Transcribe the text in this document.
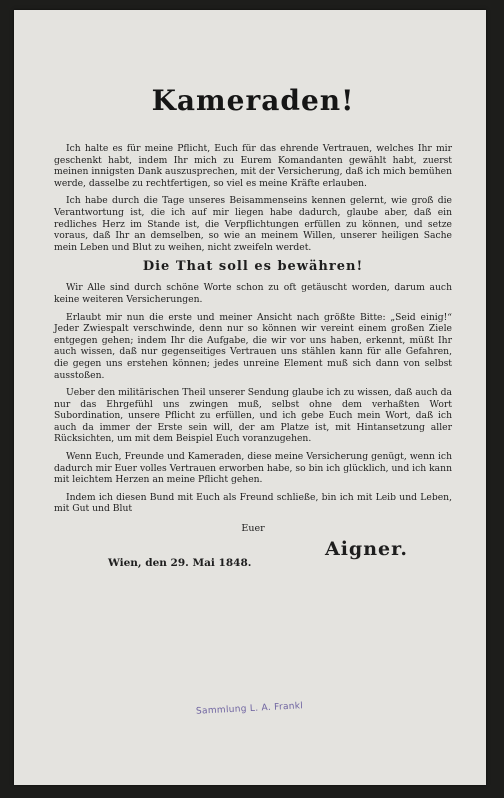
Kameraden!

Ich halte es für meine Pflicht, Euch für das ehrende Vertrauen, welches Ihr mir geschenkt habt, indem Ihr mich zu Eurem Komandanten gewählt habt, zuerst meinen innigsten Dank auszusprechen, mit der Versicherung, daß ich mich bemühen werde, dasselbe zu rechtfertigen, so viel es meine Kräfte erlauben.

Ich habe durch die Tage unseres Beisammenseins kennen gelernt, wie groß die Verantwortung ist, die ich auf mir liegen habe dadurch, glaube aber, daß ein redliches Herz im Stande ist, die Verpflichtungen erfüllen zu können, und setze voraus, daß Ihr an demselben, so wie an meinem Willen, unserer heiligen Sache mein Leben und Blut zu weihen, nicht zweifeln werdet.

Die That soll es bewähren!

Wir Alle sind durch schöne Worte schon zu oft getäuscht worden, darum auch keine weiteren Versicherungen.

Erlaubt mir nun die erste und meiner Ansicht nach größte Bitte: „Seid einig!“ Jeder Zwiespalt verschwinde, denn nur so können wir vereint einem großen Ziele entgegen gehen; indem Ihr die Aufgabe, die wir vor uns haben, erkennt, müßt Ihr auch wissen, daß nur gegenseitiges Vertrauen uns stählen kann für alle Gefahren, die gegen uns erstehen können; jedes unreine Element muß sich dann von selbst ausstoßen.

Ueber den militärischen Theil unserer Sendung glaube ich zu wissen, daß auch da nur das Ehrgefühl uns zwingen muß, selbst ohne dem verhaßten Wort Subordination, unsere Pflicht zu erfüllen, und ich gebe Euch mein Wort, daß ich auch da immer der Erste sein will, der am Platze ist, mit Hintansetzung aller Rücksichten, um mit dem Beispiel Euch voranzugehen.

Wenn Euch, Freunde und Kameraden, diese meine Versicherung genügt, wenn ich dadurch mir Euer volles Vertrauen erworben habe, so bin ich glücklich, und ich kann mit leichtem Herzen an meine Pflicht gehen.

Indem ich diesen Bund mit Euch als Freund schließe, bin ich mit Leib und Leben, mit Gut und Blut

Euer
Aigner.
Wien, den 29. Mai 1848.
Sammlung L. A. Frankl
